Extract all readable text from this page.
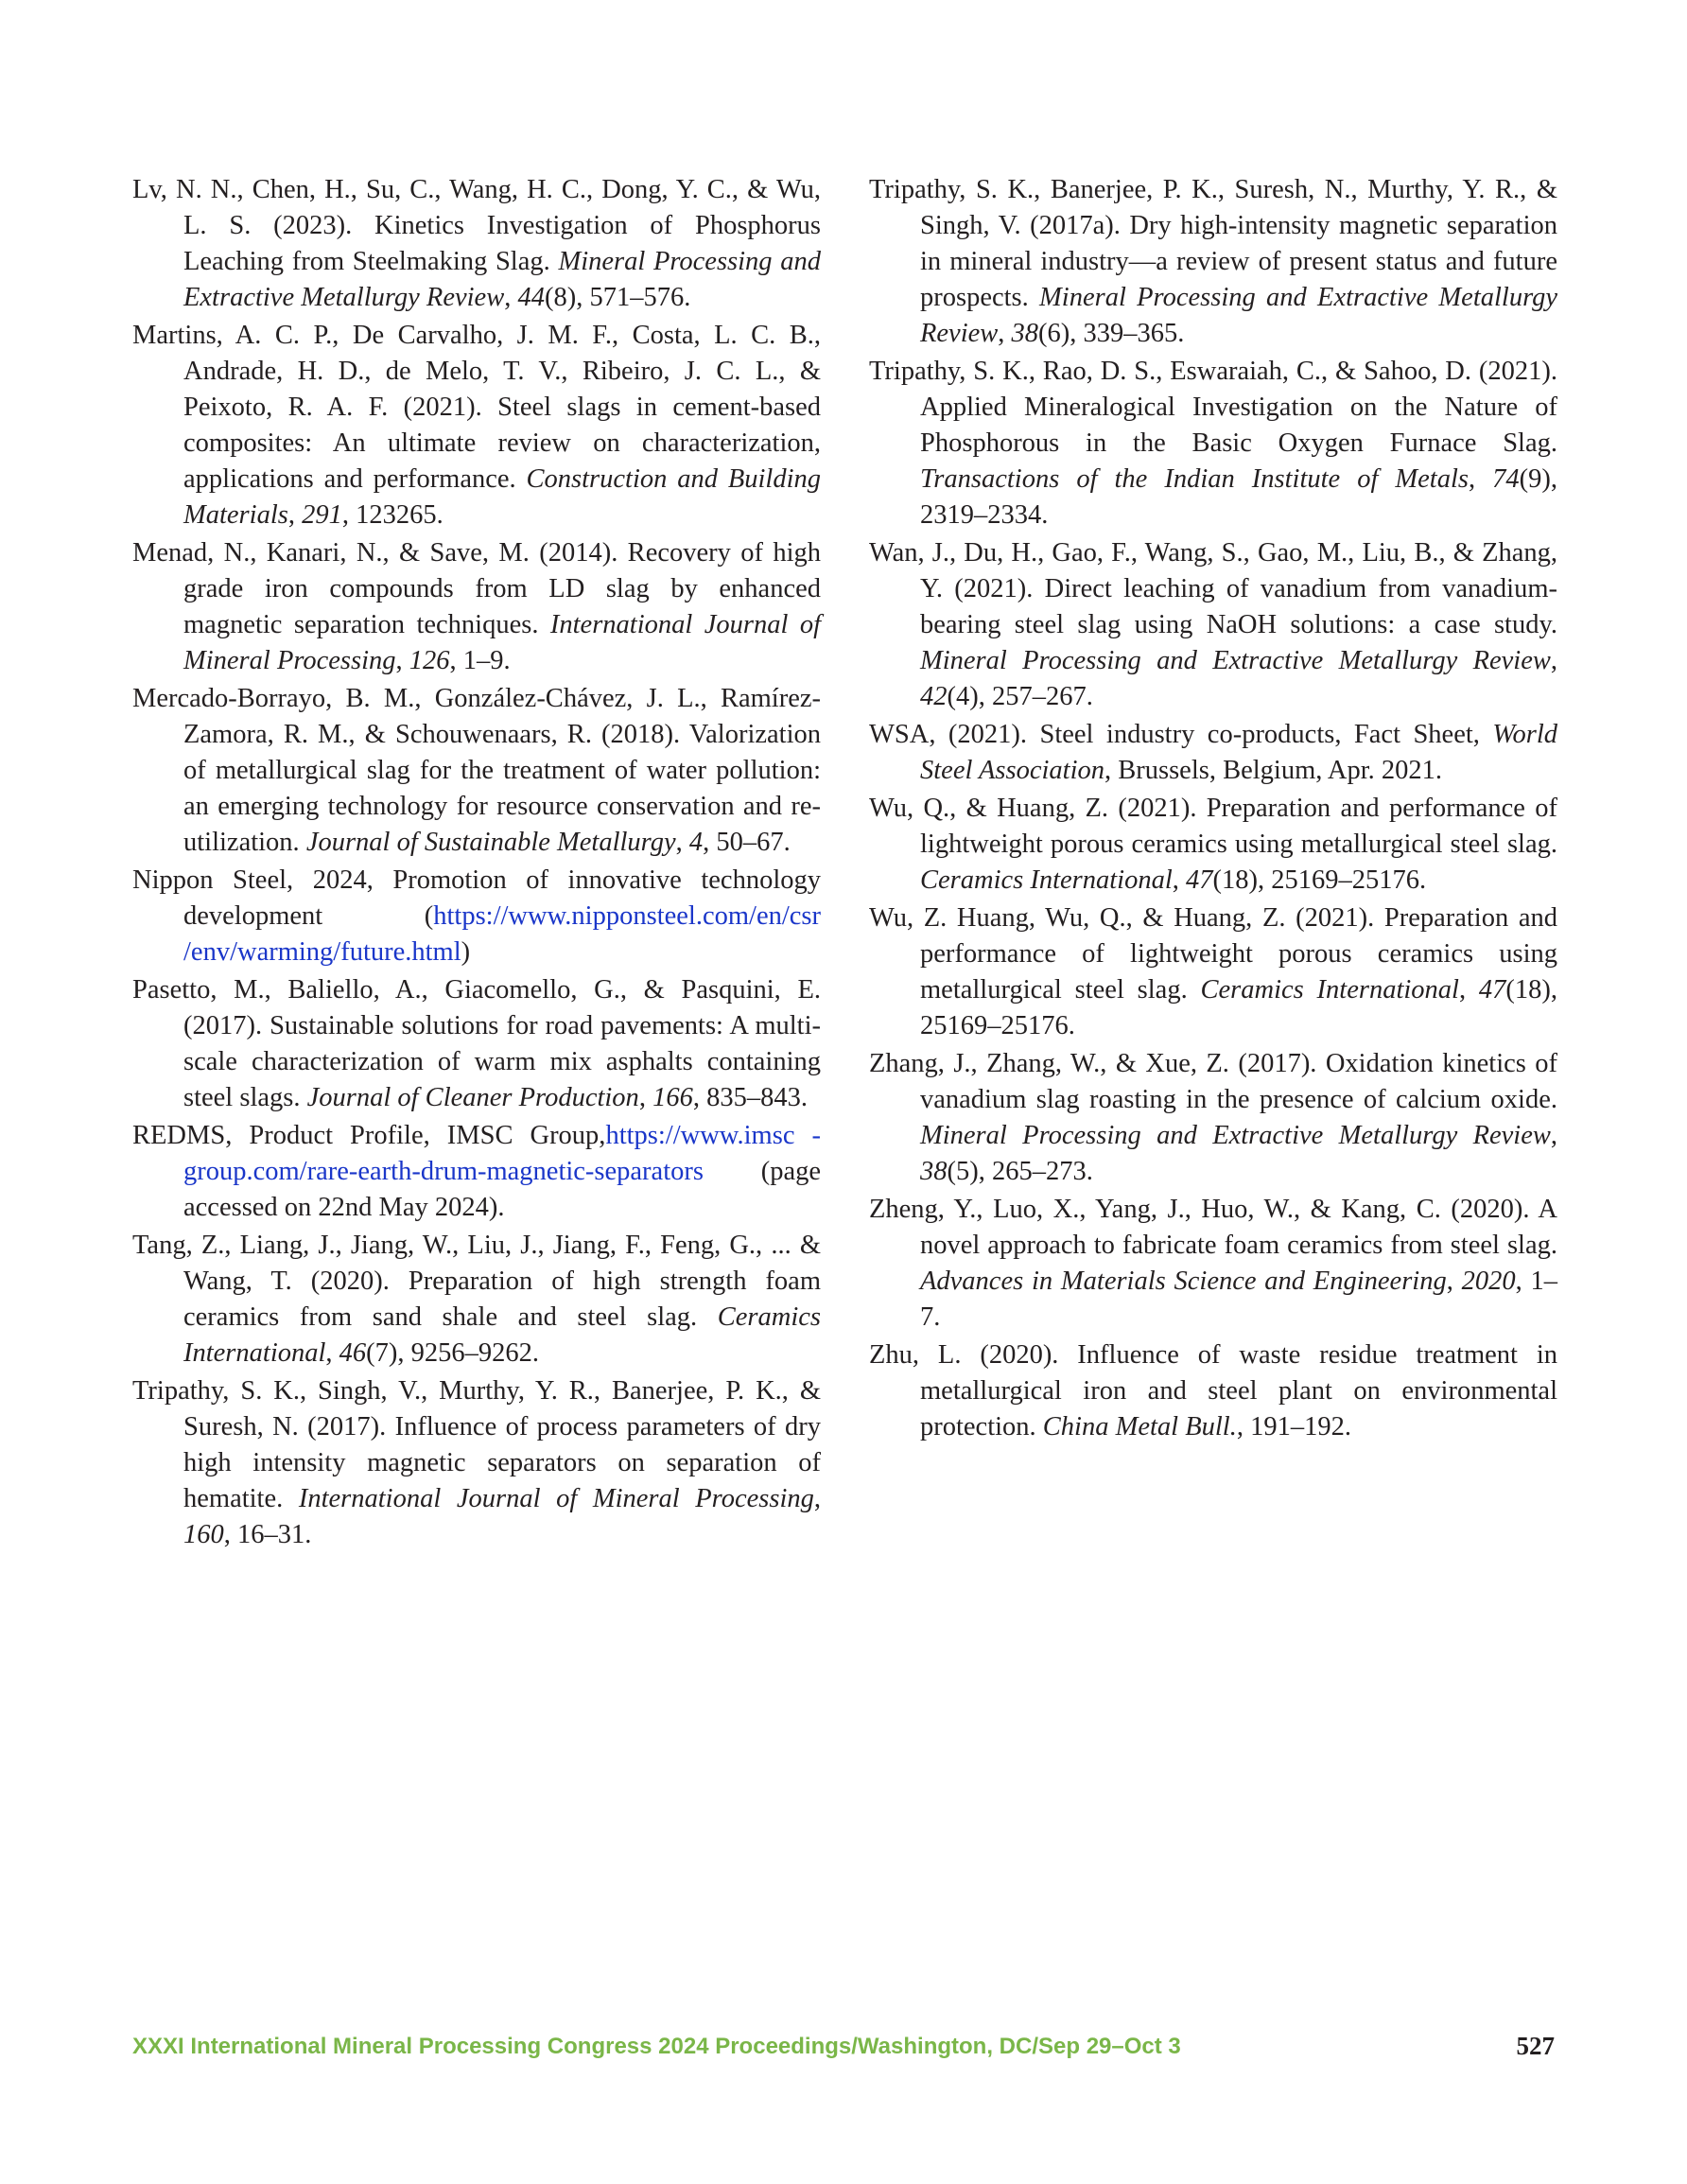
Lv, N. N., Chen, H., Su, C., Wang, H. C., Dong, Y. C., & Wu, L. S. (2023). Kinetics Investigation of Phosphorus Leaching from Steelmaking Slag. Mineral Processing and Extractive Metallurgy Review, 44(8), 571–576.

Martins, A. C. P., De Carvalho, J. M. F., Costa, L. C. B., Andrade, H. D., de Melo, T. V., Ribeiro, J. C. L., & Peixoto, R. A. F. (2021). Steel slags in cement-based composites: An ultimate review on characterization, applications and performance. Construction and Building Materials, 291, 123265.

Menad, N., Kanari, N., & Save, M. (2014). Recovery of high grade iron compounds from LD slag by enhanced magnetic separation techniques. International Journal of Mineral Processing, 126, 1–9.

Mercado-Borrayo, B. M., González-Chávez, J. L., Ramírez-Zamora, R. M., & Schouwenaars, R. (2018). Valorization of metallurgical slag for the treatment of water pollution: an emerging technology for resource conservation and re-utilization. Journal of Sustainable Metallurgy, 4, 50–67.

Nippon Steel, 2024, Promotion of innovative technology development (https://www.nipponsteel.com/en/csr /env/warming/future.html)

Pasetto, M., Baliello, A., Giacomello, G., & Pasquini, E. (2017). Sustainable solutions for road pavements: A multi-scale characterization of warm mix asphalts containing steel slags. Journal of Cleaner Production, 166, 835–843.

REDMS, Product Profile, IMSC Group,https://www.imsc -group.com/rare-earth-drum-magnetic-separators (page accessed on 22nd May 2024).

Tang, Z., Liang, J., Jiang, W., Liu, J., Jiang, F., Feng, G., ... & Wang, T. (2020). Preparation of high strength foam ceramics from sand shale and steel slag. Ceramics International, 46(7), 9256–9262.

Tripathy, S. K., Singh, V., Murthy, Y. R., Banerjee, P. K., & Suresh, N. (2017). Influence of process parameters of dry high intensity magnetic separators on separation of hematite. International Journal of Mineral Processing, 160, 16–31.

Tripathy, S. K., Banerjee, P. K., Suresh, N., Murthy, Y. R., & Singh, V. (2017a). Dry high-intensity magnetic separation in mineral industry—a review of present status and future prospects. Mineral Processing and Extractive Metallurgy Review, 38(6), 339–365.

Tripathy, S. K., Rao, D. S., Eswaraiah, C., & Sahoo, D. (2021). Applied Mineralogical Investigation on the Nature of Phosphorous in the Basic Oxygen Furnace Slag. Transactions of the Indian Institute of Metals, 74(9), 2319–2334.

Wan, J., Du, H., Gao, F., Wang, S., Gao, M., Liu, B., & Zhang, Y. (2021). Direct leaching of vanadium from vanadium-bearing steel slag using NaOH solutions: a case study. Mineral Processing and Extractive Metallurgy Review, 42(4), 257–267.

WSA, (2021). Steel industry co-products, Fact Sheet, World Steel Association, Brussels, Belgium, Apr. 2021.

Wu, Q., & Huang, Z. (2021). Preparation and performance of lightweight porous ceramics using metallurgical steel slag. Ceramics International, 47(18), 25169–25176.

Wu, Z. Huang, Wu, Q., & Huang, Z. (2021). Preparation and performance of lightweight porous ceramics using metallurgical steel slag. Ceramics International, 47(18), 25169–25176.

Zhang, J., Zhang, W., & Xue, Z. (2017). Oxidation kinetics of vanadium slag roasting in the presence of calcium oxide. Mineral Processing and Extractive Metallurgy Review, 38(5), 265–273.

Zheng, Y., Luo, X., Yang, J., Huo, W., & Kang, C. (2020). A novel approach to fabricate foam ceramics from steel slag. Advances in Materials Science and Engineering, 2020, 1–7.

Zhu, L. (2020). Influence of waste residue treatment in metallurgical iron and steel plant on environmental protection. China Metal Bull., 191–192.

XXXI International Mineral Processing Congress 2024 Proceedings/Washington, DC/Sep 29–Oct 3	527
